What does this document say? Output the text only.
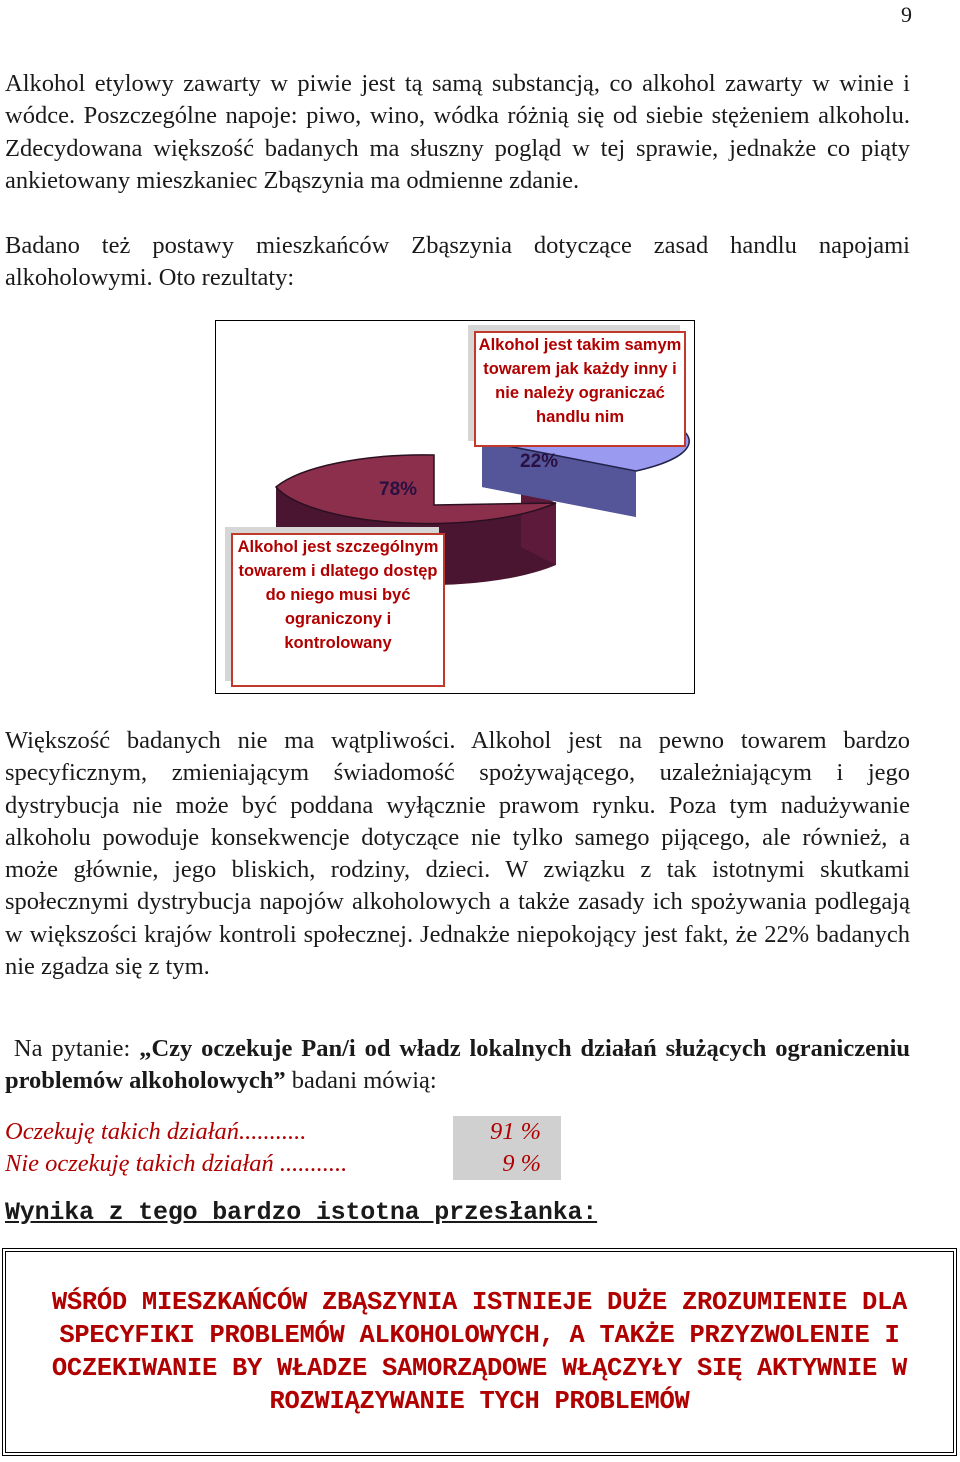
9

Alkohol etylowy zawarty w piwie jest tą samą substancją, co alkohol zawarty w winie i wódce. Poszczególne napoje: piwo, wino, wódka różnią się od siebie stężeniem alkoholu. Zdecydowana większość badanych ma słuszny pogląd w tej sprawie, jednakże co piąty ankietowany mieszkaniec Zbąszynia ma odmienne zdanie.

Badano też postawy mieszkańców Zbąszynia dotyczące zasad handlu napojami alkoholowymi. Oto rezultaty:

Alkohol jest takim samym towarem jak każdy inny i nie należy ograniczać handlu nim
22%
78%
Alkohol jest szczególnym towarem i dlatego dostęp do niego musi być ograniczony i kontrolowany

Większość badanych nie ma wątpliwości. Alkohol jest na pewno towarem bardzo specyficznym, zmieniającym świadomość spożywającego, uzależniającym i jego dystrybucja nie może być poddana wyłącznie prawom rynku. Poza tym nadużywanie alkoholu powoduje konsekwencje dotyczące nie tylko samego pijącego, ale również, a może głównie, jego bliskich, rodziny, dzieci. W związku z tak istotnymi skutkami społecznymi dystrybucja napojów alkoholowych a także zasady ich spożywania podlegają w większości krajów kontroli społecznej. Jednakże niepokojący jest fakt, że 22% badanych nie zgadza się z tym.

Na pytanie: „Czy oczekuje Pan/i od władz lokalnych działań służących ograniczeniu problemów alkoholowych” badani mówią:

Oczekuję takich działań...........	91 %
Nie oczekuję takich działań ...........	9 %
Wynika z tego bardzo istotna przesłanka:
WŚRÓD MIESZKAŃCÓW ZBĄSZYNIA ISTNIEJE DUŻE ZROZUMIENIE DLA SPECYFIKI PROBLEMÓW ALKOHOLOWYCH, A TAKŻE PRZYZWOLENIE I OCZEKIWANIE BY WŁADZE SAMORZĄDOWE WŁĄCZYŁY SIĘ AKTYWNIE W ROZWIĄZYWANIE TYCH PROBLEMÓW
